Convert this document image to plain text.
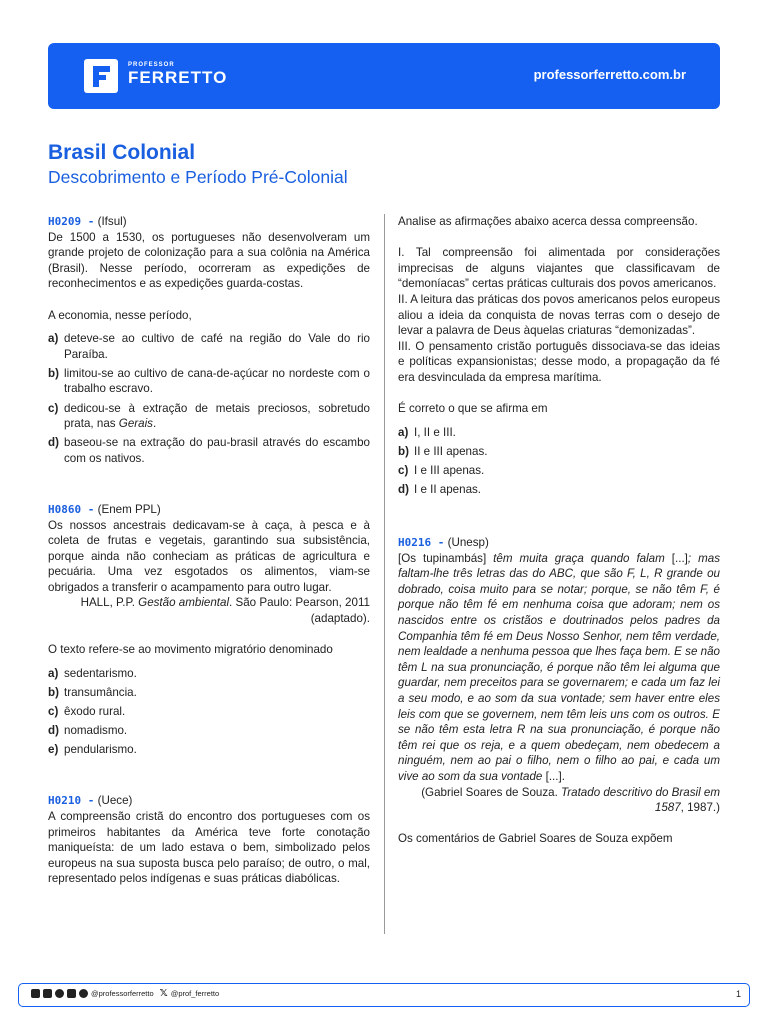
PROFESSOR
FERRETTO	professorferretto.com.br
Brasil Colonial
Descobrimento e Período Pré-Colonial
H0209 - (Ifsul)

De 1500 a 1530, os portugueses não desenvolveram um grande projeto de colonização para a sua colônia na América (Brasil). Nesse período, ocorreram as expedições de reconhecimentos e as expedições guarda-costas.

A economia, nesse período,

a) deteve-se ao cultivo de café na região do Vale do rio Paraíba.
b) limitou-se ao cultivo de cana-de-açúcar no nordeste com o trabalho escravo.
c) dedicou-se à extração de metais preciosos, sobretudo prata, nas Gerais.
d) baseou-se na extração do pau-brasil através do escambo com os nativos.
H0860 - (Enem PPL)

Os nossos ancestrais dedicavam-se à caça, à pesca e à coleta de frutas e vegetais, garantindo sua subsistência, porque ainda não conheciam as práticas de agricultura e pecuária. Uma vez esgotados os alimentos, viam-se obrigados a transferir o acampamento para outro lugar.

HALL, P.P. Gestão ambiental. São Paulo: Pearson, 2011
(adaptado).

O texto refere-se ao movimento migratório denominado

a) sedentarismo.
b) transumância.
c) êxodo rural.
d) nomadismo.
e) pendularismo.
H0210 - (Uece)

A compreensão cristã do encontro dos portugueses com os primeiros habitantes da América teve forte conotação maniqueísta: de um lado estava o bem, simbolizado pelos europeus na sua suposta busca pelo paraíso; de outro, o mal, representado pelos indígenas e suas práticas diabólicas.

Analise as afirmações abaixo acerca dessa compreensão.

I. Tal compreensão foi alimentada por considerações imprecisas de alguns viajantes que classificavam de “demoníacas” certas práticas culturais dos povos americanos.

II. A leitura das práticas dos povos americanos pelos europeus aliou a ideia da conquista de novas terras com o desejo de levar a palavra de Deus àquelas criaturas “demonizadas”.

III. O pensamento cristão português dissociava-se das ideias e políticas expansionistas; desse modo, a propagação da fé era desvinculada da empresa marítima.

É correto o que se afirma em

a) I, II e III.
b) II e III apenas.
c) I e III apenas.
d) I e II apenas.
H0216 - (Unesp)

[Os tupinambás] têm muita graça quando falam [...]; mas faltam-lhe três letras das do ABC, que são F, L, R grande ou dobrado, coisa muito para se notar; porque, se não têm F, é porque não têm fé em nenhuma coisa que adoram; nem os nascidos entre os cristãos e doutrinados pelos padres da Companhia têm fé em Deus Nosso Senhor, nem têm verdade, nem lealdade a nenhuma pessoa que lhes faça bem. E se não têm L na sua pronunciação, é porque não têm lei alguma que guardar, nem preceitos para se governarem; e cada um faz lei a seu modo, e ao som da sua vontade; sem haver entre eles leis com que se governem, nem têm leis uns com os outros. E se não têm esta letra R na sua pronunciação, é porque não têm rei que os reja, e a quem obedeçam, nem obedecem a ninguém, nem ao pai o filho, nem o filho ao pai, e cada um vive ao som da sua vontade [...].

(Gabriel Soares de Souza. Tratado descritivo do Brasil em 1587, 1987.)

Os comentários de Gabriel Soares de Souza expõem

@professorferretto 𝕏 @prof_ferretto	1
